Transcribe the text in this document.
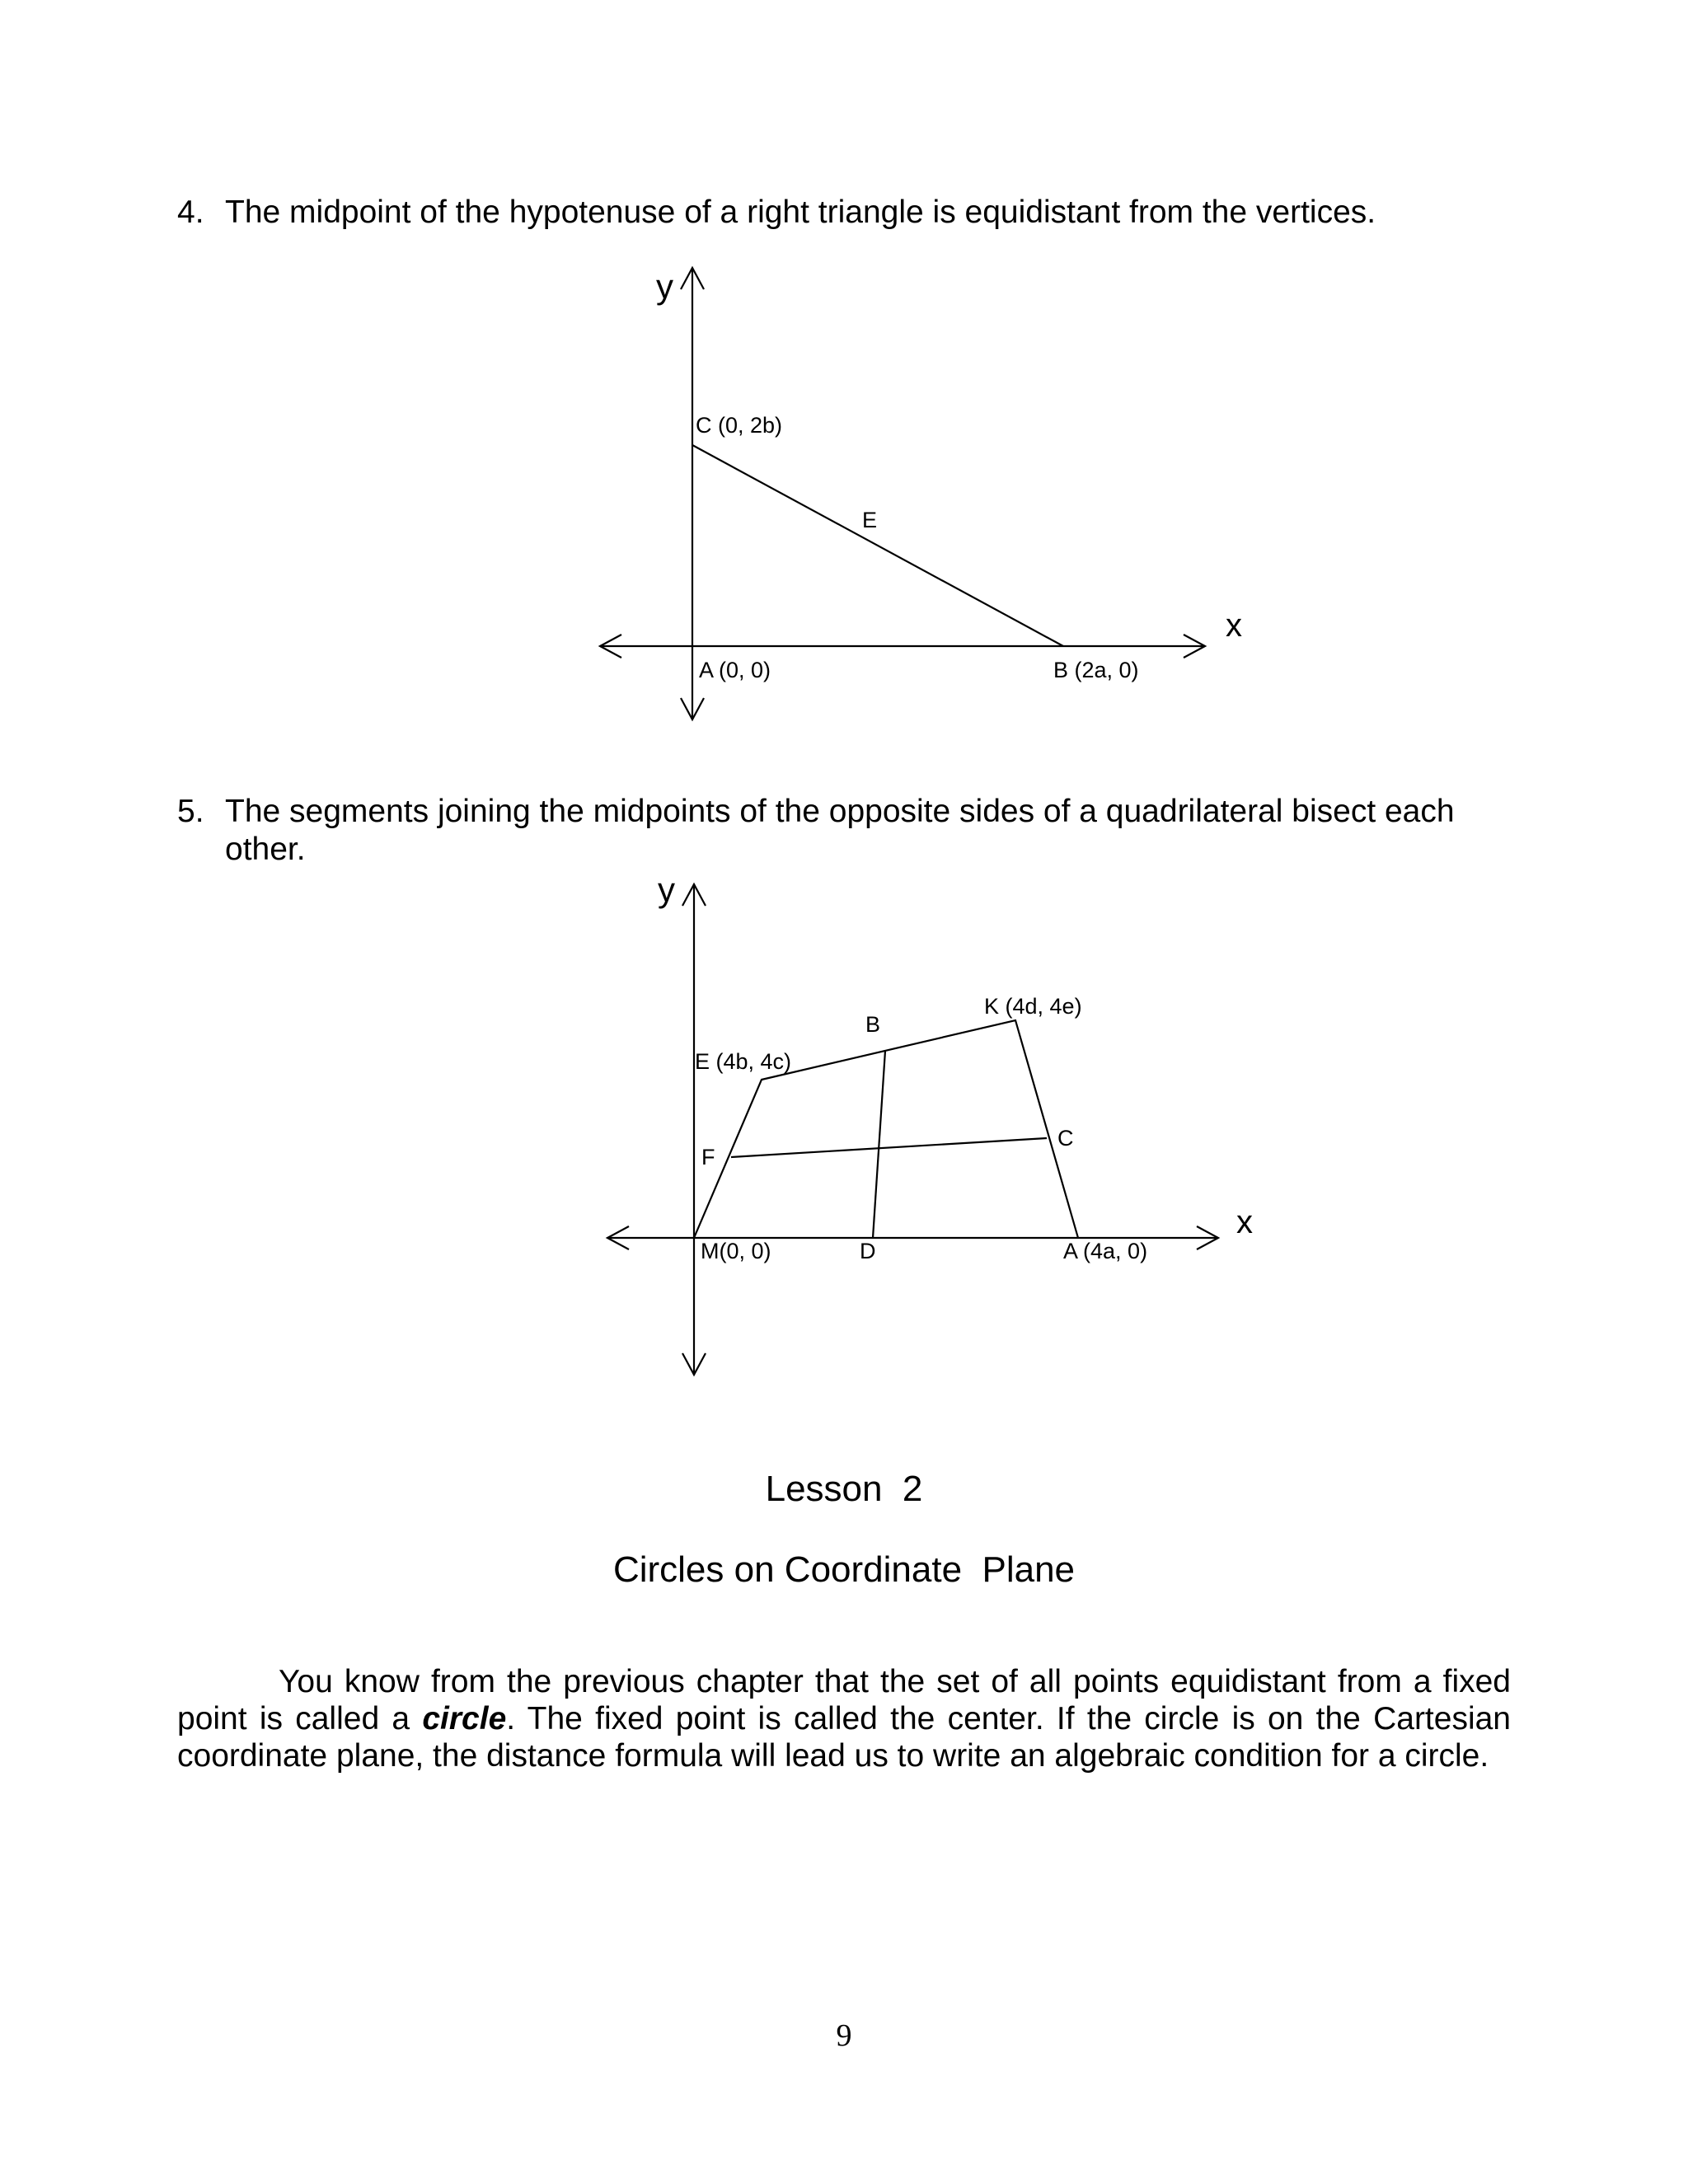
4. The midpoint of the hypotenuse of a right triangle is equidistant from the vertices.
y
x
C (0, 2b)
E
A (0, 0)	B (2a, 0)
y
x
K (4d, 4e)
B
E (4b, 4c)
C
F
M(0, 0)	D	A (4a, 0)
5. The segments joining the midpoints of the opposite sides of a quadrilateral bisect each
other.
Lesson  2
Circles on Coordinate  Plane

You know from the previous chapter that the set of all points equidistant from a fixed point is called a circle. The fixed point is called the center. If the circle is on the Cartesian coordinate plane, the distance formula will lead us to write an algebraic condition for a circle.

9
